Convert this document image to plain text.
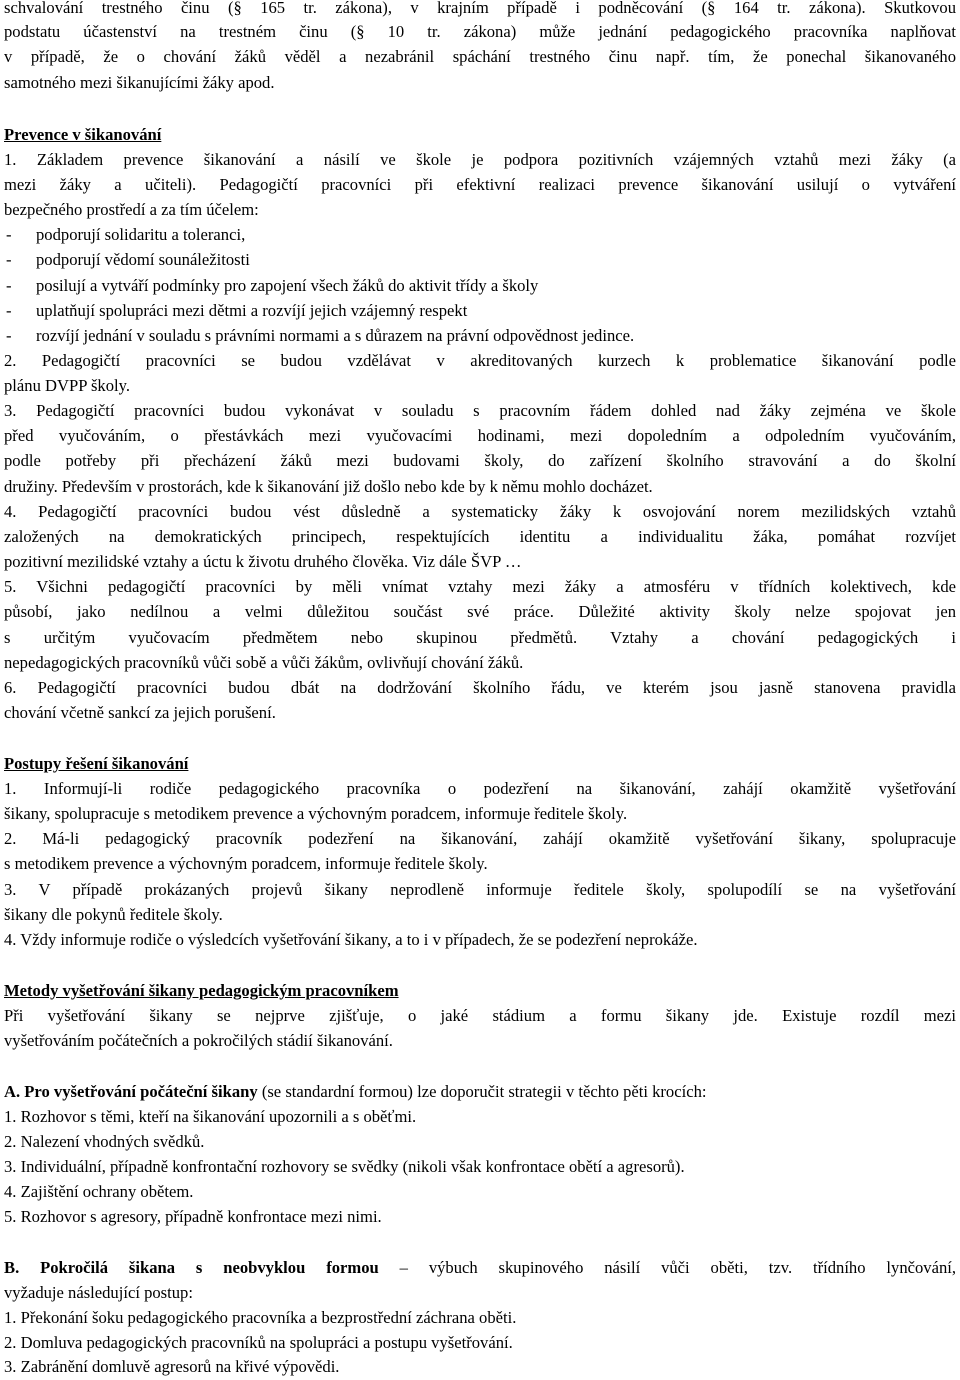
schvalování trestného činu (§ 165 tr. zákona), v krajním případě i podněcování (§ 164 tr. zákona). Skutkovou
podstatu účastenství na trestném činu (§ 10 tr. zákona) může jednání pedagogického pracovníka naplňovat
v případě, že o chování žáků věděl a nezabránil spáchání trestného činu např. tím, že ponechal šikanovaného
samotného mezi šikanujícími žáky apod.
Prevence v šikanování
1. Základem prevence šikanování a násilí ve škole je podpora pozitivních vzájemných vztahů mezi žáky (a
mezi žáky a učiteli). Pedagogičtí pracovníci při efektivní realizaci prevence šikanování usilují o vytváření
bezpečného prostředí a za tím účelem:
- podporují solidaritu a toleranci,
- podporují vědomí sounáležitosti
- posilují a vytváří podmínky pro zapojení všech žáků do aktivit třídy a školy
- uplatňují spolupráci mezi dětmi a rozvíjí jejich vzájemný respekt
- rozvíjí jednání v souladu s právními normami a s důrazem na právní odpovědnost jedince.
2. Pedagogičtí pracovníci se budou vzdělávat v akreditovaných kurzech k problematice šikanování podle
plánu DVPP školy.
3. Pedagogičtí pracovníci budou vykonávat v souladu s pracovním řádem dohled nad žáky zejména ve škole
před vyučováním, o přestávkách mezi vyučovacími hodinami, mezi dopoledním a odpoledním vyučováním,
podle potřeby při přecházení žáků mezi budovami školy, do zařízení školního stravování a do školní
družiny. Především v prostorách, kde k šikanování již došlo nebo kde by k němu mohlo docházet.
4. Pedagogičtí pracovníci budou vést důsledně a systematicky žáky k osvojování norem mezilidských vztahů
založených na demokratických principech, respektujících identitu a individualitu žáka, pomáhat rozvíjet
pozitivní mezilidské vztahy a úctu k životu druhého člověka. Viz dále ŠVP …
5. Všichni pedagogičtí pracovníci by měli vnímat vztahy mezi žáky a atmosféru v třídních kolektivech, kde
působí, jako nedílnou a velmi důležitou součást své práce. Důležité aktivity školy nelze spojovat jen
s určitým vyučovacím předmětem nebo skupinou předmětů. Vztahy a chování pedagogických i
nepedagogických pracovníků vůči sobě a vůči žákům, ovlivňují chování žáků.
6. Pedagogičtí pracovníci budou dbát na dodržování školního řádu, ve kterém jsou jasně stanovena pravidla
chování včetně sankcí za jejich porušení.
Postupy řešení šikanování
1. Informují-li rodiče pedagogického pracovníka o podezření na šikanování, zahájí okamžitě vyšetřování
šikany, spolupracuje s metodikem prevence a výchovným poradcem, informuje ředitele školy.
2. Má-li pedagogický pracovník podezření na šikanování, zahájí okamžitě vyšetřování šikany, spolupracuje
s metodikem prevence a výchovným poradcem, informuje ředitele školy.
3. V případě prokázaných projevů šikany neprodleně informuje ředitele školy, spolupodílí se na vyšetřování
šikany dle pokynů ředitele školy.
4. Vždy informuje rodiče o výsledcích vyšetřování šikany, a to i v případech, že se podezření neprokáže.
Metody vyšetřování šikany pedagogickým pracovníkem
Při vyšetřování šikany se nejprve zjišťuje, o jaké stádium a formu šikany jde. Existuje rozdíl mezi
vyšetřováním počátečních a pokročilých stádií šikanování.
A. Pro vyšetřování počáteční šikany (se standardní formou) lze doporučit strategii v těchto pěti krocích:
1. Rozhovor s těmi, kteří na šikanování upozornili a s oběťmi.
2. Nalezení vhodných svědků.
3. Individuální, případně konfrontační rozhovory se svědky (nikoli však konfrontace obětí a agresorů).
4. Zajištění ochrany obětem.
5. Rozhovor s agresory, případně konfrontace mezi nimi.
B. Pokročilá šikana s neobvyklou formou – výbuch skupinového násilí vůči oběti, tzv. třídního lynčování,
vyžaduje následující postup:
1. Překonání šoku pedagogického pracovníka a bezprostřední záchrana oběti.
2. Domluva pedagogických pracovníků na spolupráci a postupu vyšetřování.
3. Zabránění domluvě agresorů na křivé výpovědi.
